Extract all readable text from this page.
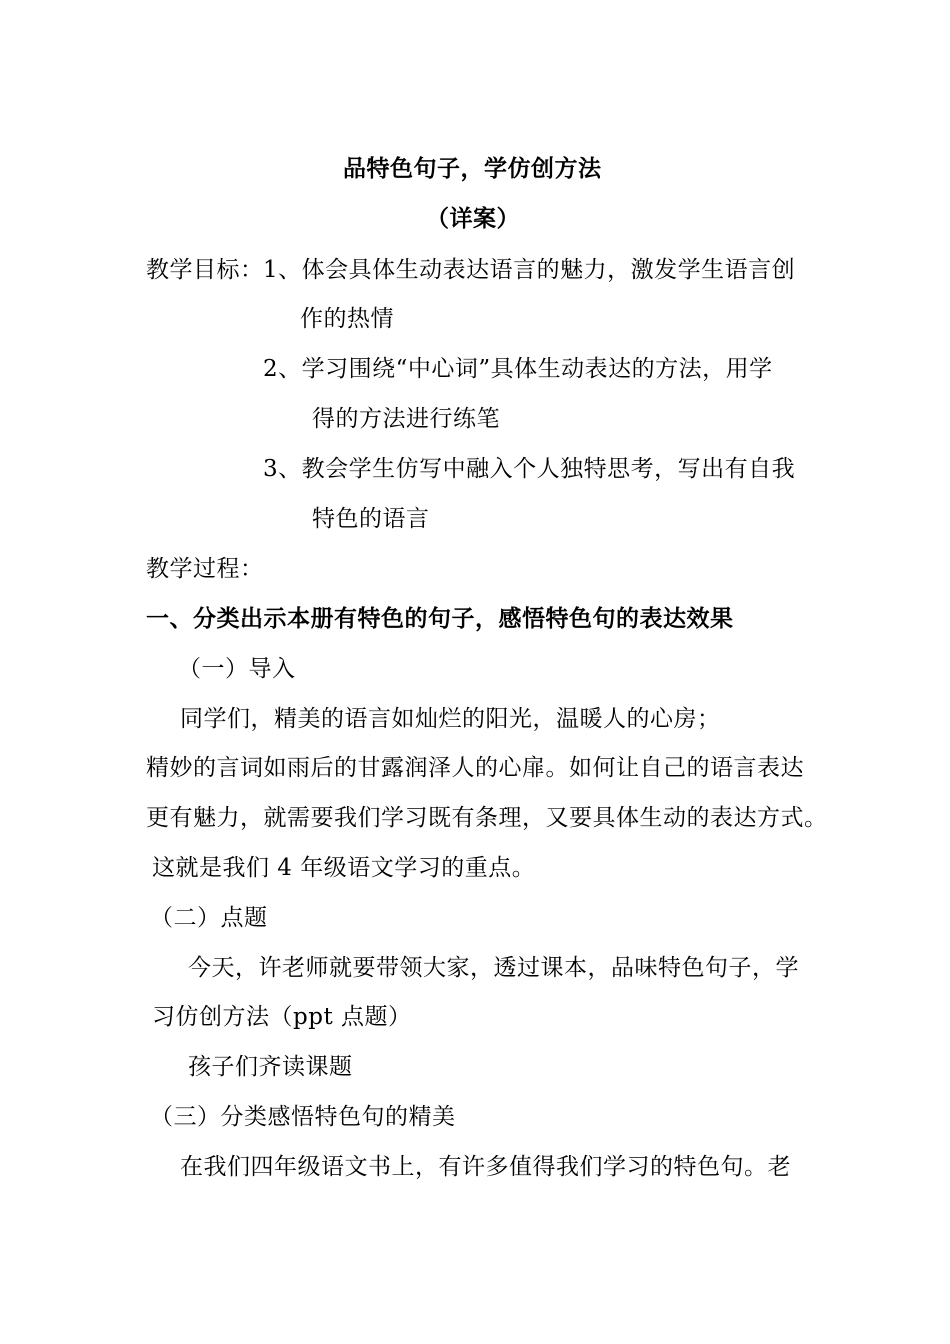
品特色句子，学仿创方法
（详案）
教学目标： 1、体会具体生动表达语言的魅力，激发学生语言创
作的热情
2、学习围绕“中心词”具体生动表达的方法，用学
得的方法进行练笔
3、教会学生仿写中融入个人独特思考，写出有自我
特色的语言
教学过程：
一、分类出示本册有特色的句子，感悟特色句的表达效果
（一）导入
同学们，精美的语言如灿烂的阳光，温暖人的心房；
精妙的言词如雨后的甘露润泽人的心扉。如何让自己的语言表达
更有魅力，就需要我们学习既有条理，又要具体生动的表达方式。
这就是我们 4 年级语文学习的重点。
（二）点题
今天，许老师就要带领大家，透过课本，品味特色句子，学
习仿创方法（ppt 点题）
孩子们齐读课题
（三）分类感悟特色句的精美
在我们四年级语文书上，有许多值得我们学习的特色句。老
